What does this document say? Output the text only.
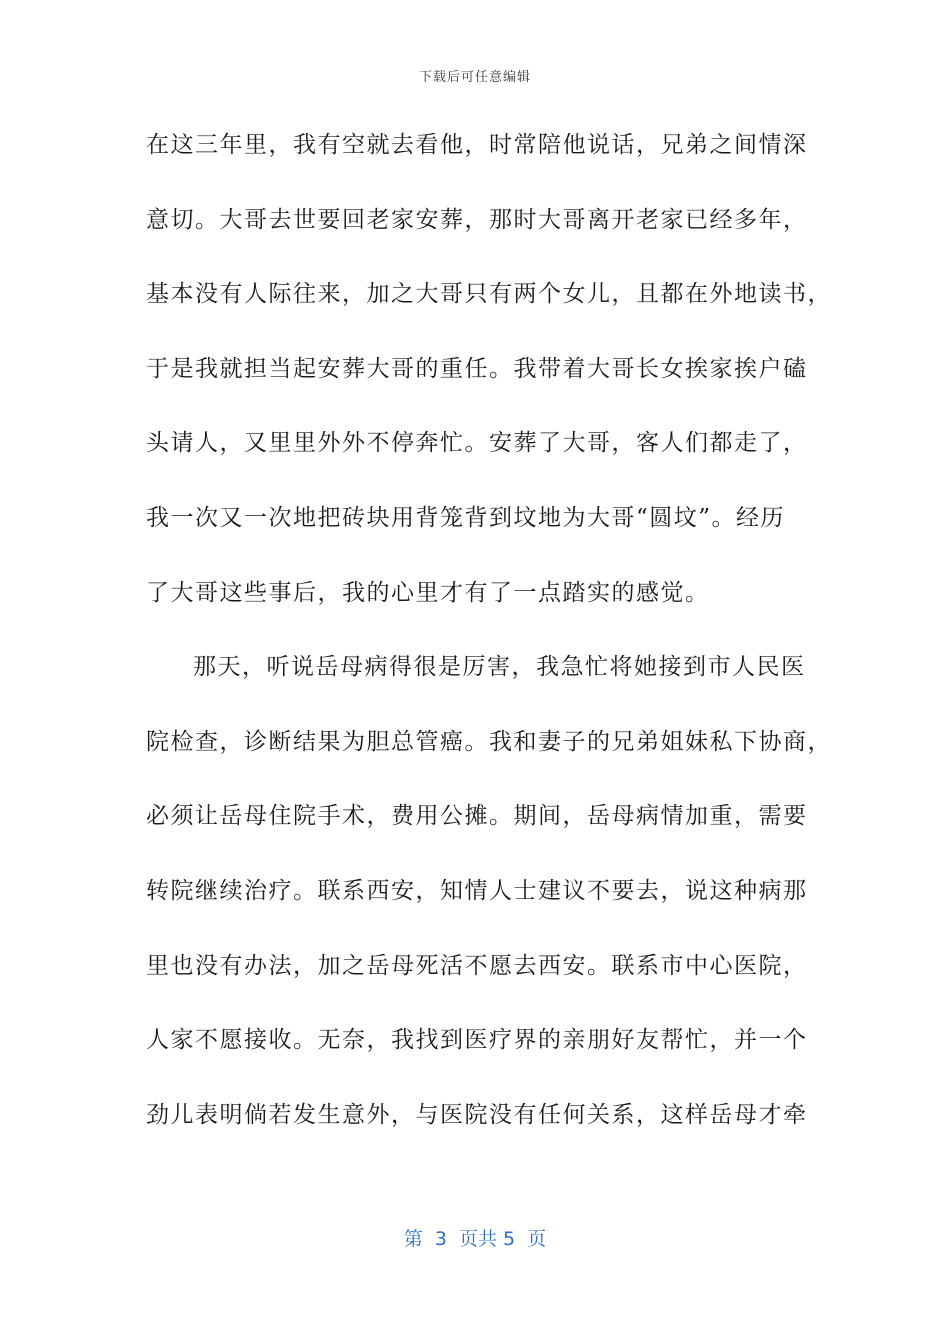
下载后可任意编辑
在这三年里，我有空就去看他，时常陪他说话，兄弟之间情深
意切。大哥去世要回老家安葬，那时大哥离开老家已经多年，
基本没有人际往来，加之大哥只有两个女儿，且都在外地读书，
于是我就担当起安葬大哥的重任。我带着大哥长女挨家挨户磕
头请人，又里里外外不停奔忙。安葬了大哥，客人们都走了，
我一次又一次地把砖块用背笼背到坟地为大哥“圆坟”。经历
了大哥这些事后，我的心里才有了一点踏实的感觉。
那天，听说岳母病得很是厉害，我急忙将她接到市人民医
院检查，诊断结果为胆总管癌。我和妻子的兄弟姐妹私下协商，
必须让岳母住院手术，费用公摊。期间，岳母病情加重，需要
转院继续治疗。联系西安，知情人士建议不要去，说这种病那
里也没有办法，加之岳母死活不愿去西安。联系市中心医院，
人家不愿接收。无奈，我找到医疗界的亲朋好友帮忙，并一个
劲儿表明倘若发生意外，与医院没有任何关系，这样岳母才牵
第  3  页共 5  页
